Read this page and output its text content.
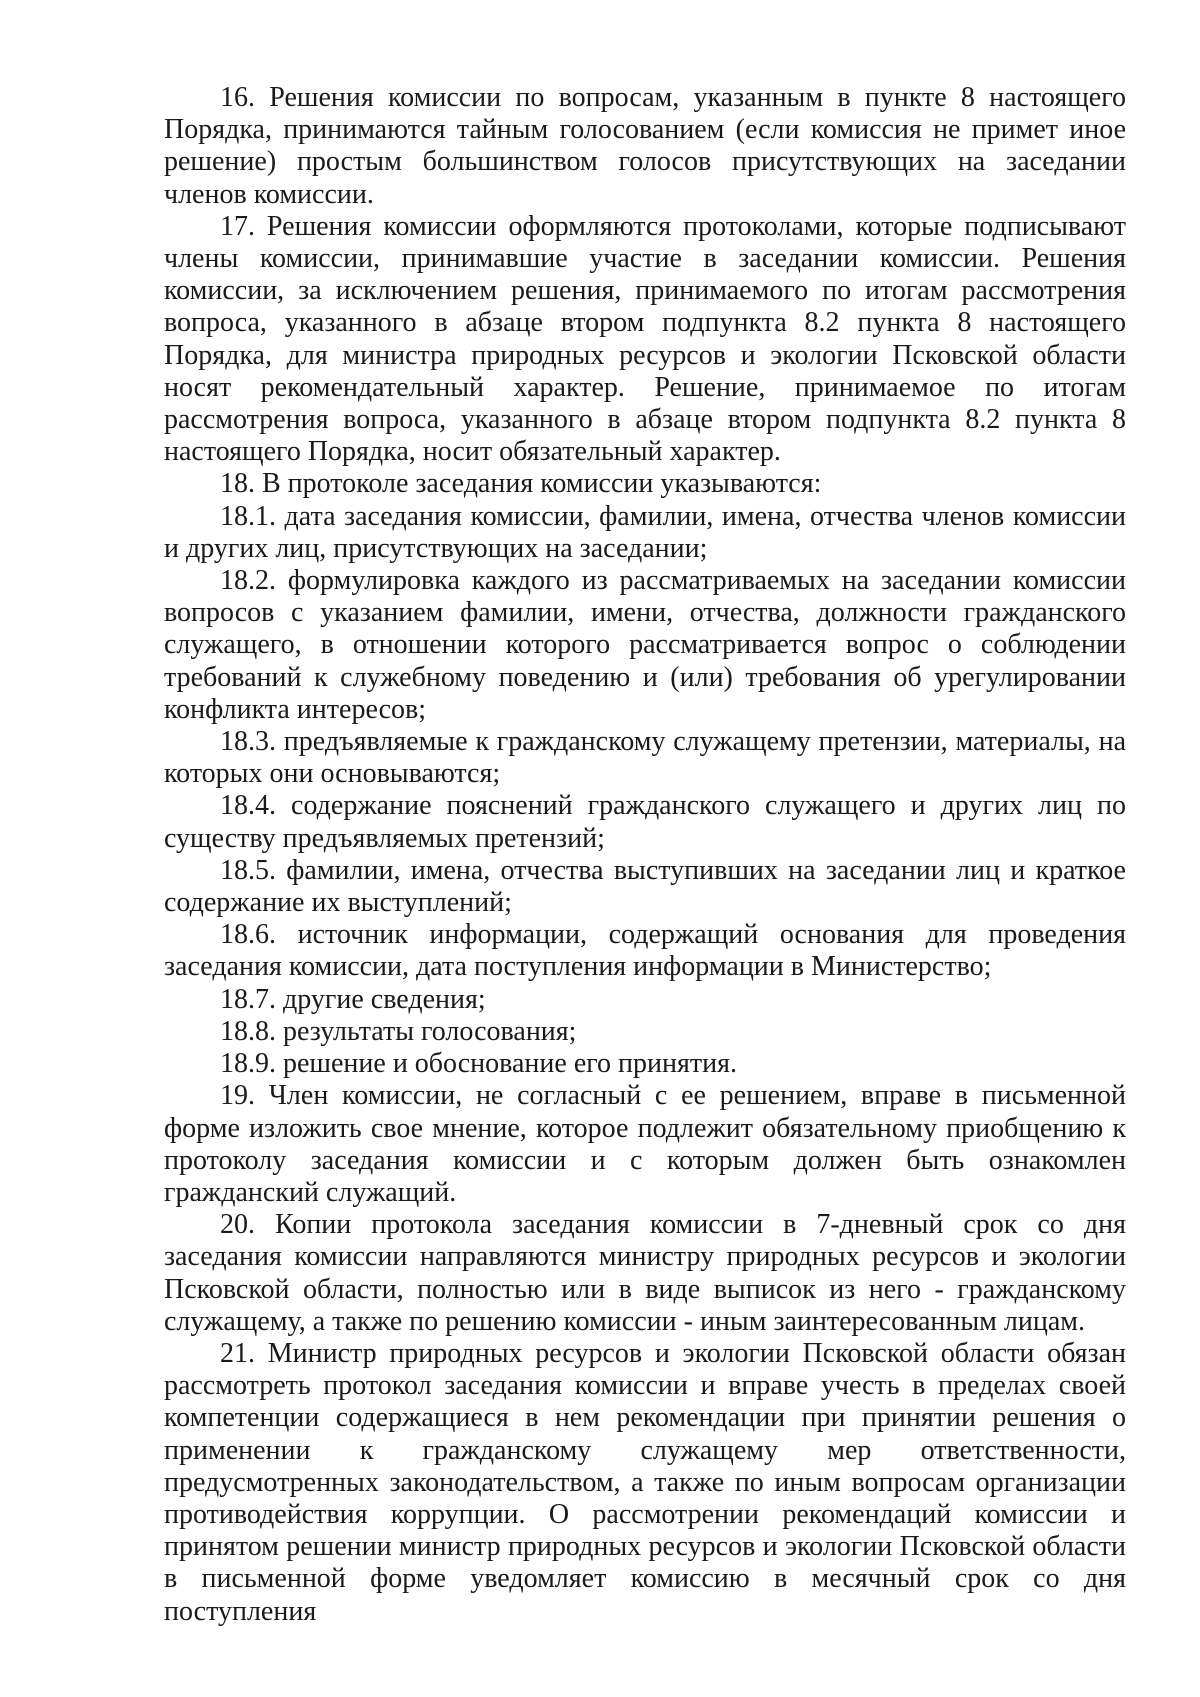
16. Решения комиссии по вопросам, указанным в пункте 8 настоящего Порядка, принимаются тайным голосованием (если комиссия не примет иное решение) простым большинством голосов присутствующих на заседании членов комиссии.

17. Решения комиссии оформляются протоколами, которые подписывают члены комиссии, принимавшие участие в заседании комиссии. Решения комиссии, за исключением решения, принимаемого по итогам рассмотрения вопроса, указанного в абзаце втором подпункта 8.2 пункта 8 настоящего Порядка, для министра природных ресурсов и экологии Псковской области носят рекомендательный характер. Решение, принимаемое по итогам рассмотрения вопроса, указанного в абзаце втором подпункта 8.2 пункта 8 настоящего Порядка, носит обязательный характер.

18. В протоколе заседания комиссии указываются:

18.1. дата заседания комиссии, фамилии, имена, отчества членов комиссии и других лиц, присутствующих на заседании;

18.2. формулировка каждого из рассматриваемых на заседании комиссии вопросов с указанием фамилии, имени, отчества, должности гражданского служащего, в отношении которого рассматривается вопрос о соблюдении требований к служебному поведению и (или) требования об урегулировании конфликта интересов;

18.3. предъявляемые к гражданскому служащему претензии, материалы, на которых они основываются;

18.4. содержание пояснений гражданского служащего и других лиц по существу предъявляемых претензий;

18.5. фамилии, имена, отчества выступивших на заседании лиц и краткое содержание их выступлений;

18.6. источник информации, содержащий основания для проведения заседания комиссии, дата поступления информации в Министерство;

18.7. другие сведения;

18.8. результаты голосования;

18.9. решение и обоснование его принятия.

19. Член комиссии, не согласный с ее решением, вправе в письменной форме изложить свое мнение, которое подлежит обязательному приобщению к протоколу заседания комиссии и с которым должен быть ознакомлен гражданский служащий.

20. Копии протокола заседания комиссии в 7-дневный срок со дня заседания комиссии направляются министру природных ресурсов и экологии Псковской области, полностью или в виде выписок из него - гражданскому служащему, а также по решению комиссии - иным заинтересованным лицам.

21. Министр природных ресурсов и экологии Псковской области обязан рассмотреть протокол заседания комиссии и вправе учесть в пределах своей компетенции содержащиеся в нем рекомендации при принятии решения о применении к гражданскому служащему мер ответственности, предусмотренных законодательством, а также по иным вопросам организации противодействия коррупции. О рассмотрении рекомендаций комиссии и принятом решении министр природных ресурсов и экологии Псковской области в письменной форме уведомляет комиссию в месячный срок со дня поступления
